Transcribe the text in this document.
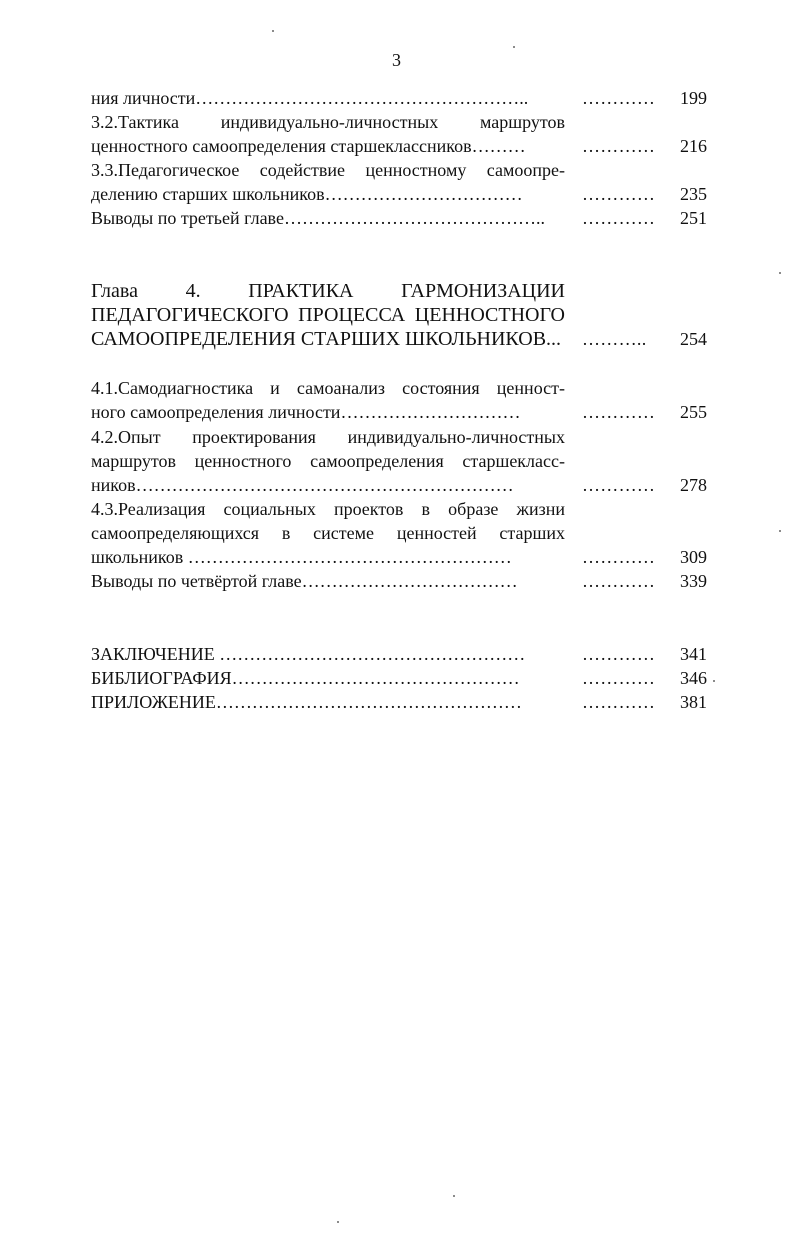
3
ния личности………………………………………………..	………… 199
3.2.Тактика индивидуально-личностных маршрутов
ценностного самоопределения старшеклассников………	………… 216
3.3.Педагогическое содействие ценностному самоопре-
делению старших школьников……………………………	………… 235
Выводы по третьей главе…………………………………….. ………… 251
Глава 4. ПРАКТИКА ГАРМОНИЗАЦИИ
ПЕДАГОГИЧЕСКОГО ПРОЦЕССА ЦЕННОСТНОГО
САМООПРЕДЕЛЕНИЯ СТАРШИХ ШКОЛЬНИКОВ... ……….. 254
4.1.Самодиагностика и самоанализ состояния ценност-
ного самоопределения личности…………………………	………… 255
4.2.Опыт проектирования индивидуально-личностных
маршрутов ценностного самоопределения старшекласс-
ников………………………………………………………	………… 278
4.3.Реализация социальных проектов в образе жизни
самоопределяющихся в системе ценностей старших
школьников ………………………………………………	………… 309
Выводы по четвёртой главе………………………………	………… 339
ЗАКЛЮЧЕНИЕ ……………………………………………	………… 341
БИБЛИОГРАФИЯ…………………………………………	………… 346
ПРИЛОЖЕНИЕ……………………………………………	………… 381
